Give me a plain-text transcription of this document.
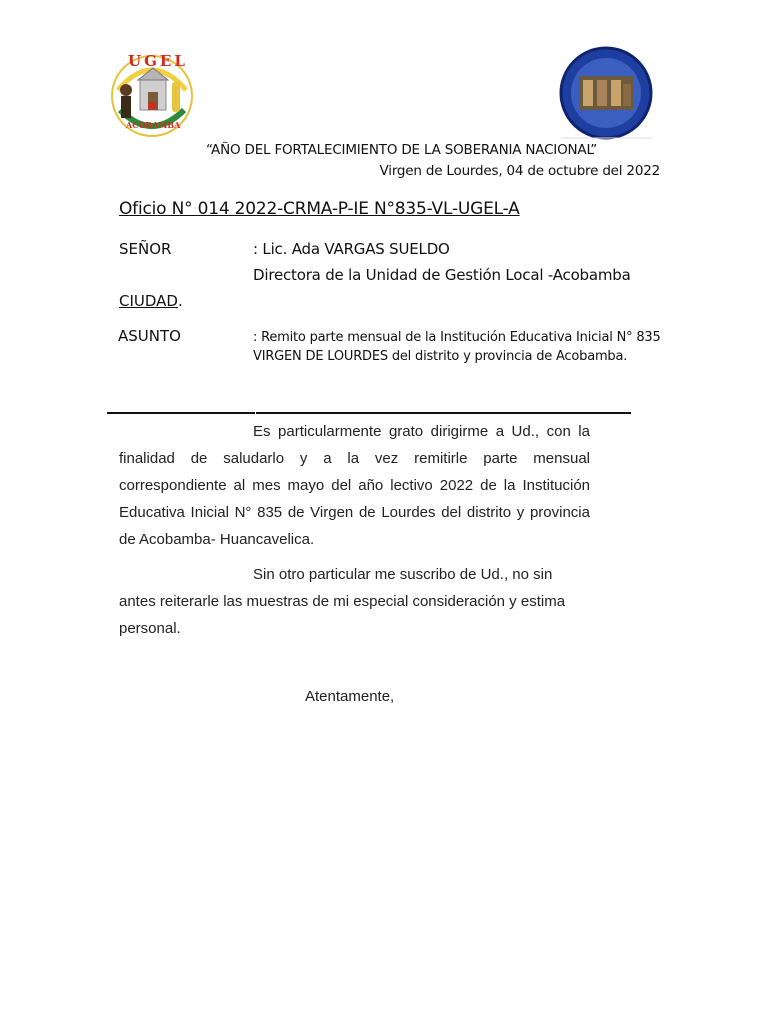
UGEL
ACOBAMBA
“AÑO DEL FORTALECIMIENTO DE LA SOBERANIA NACIONAL”
Virgen de Lourdes, 04 de octubre del 2022
Oficio N° 014 2022-CRMA-P-IE N°835-VL-UGEL-A
SEÑOR	: Lic. Ada VARGAS SUELDO
Directora de la Unidad de Gestión Local -Acobamba
CIUDAD.
ASUNTO	: Remito parte mensual de la Institución Educativa Inicial N° 835
VIRGEN DE LOURDES del distrito y provincia de Acobamba.
Es particularmente grato dirigirme a Ud., con la finalidad de saludarlo y a la vez remitirle parte mensual correspondiente al mes mayo del año lectivo 2022 de la Institución Educativa Inicial N° 835 de Virgen de Lourdes del distrito y provincia de Acobamba- Huancavelica.
Sin otro particular me suscribo de Ud., no sin antes reiterarle las muestras de mi especial consideración y estima personal.
Atentamente,
